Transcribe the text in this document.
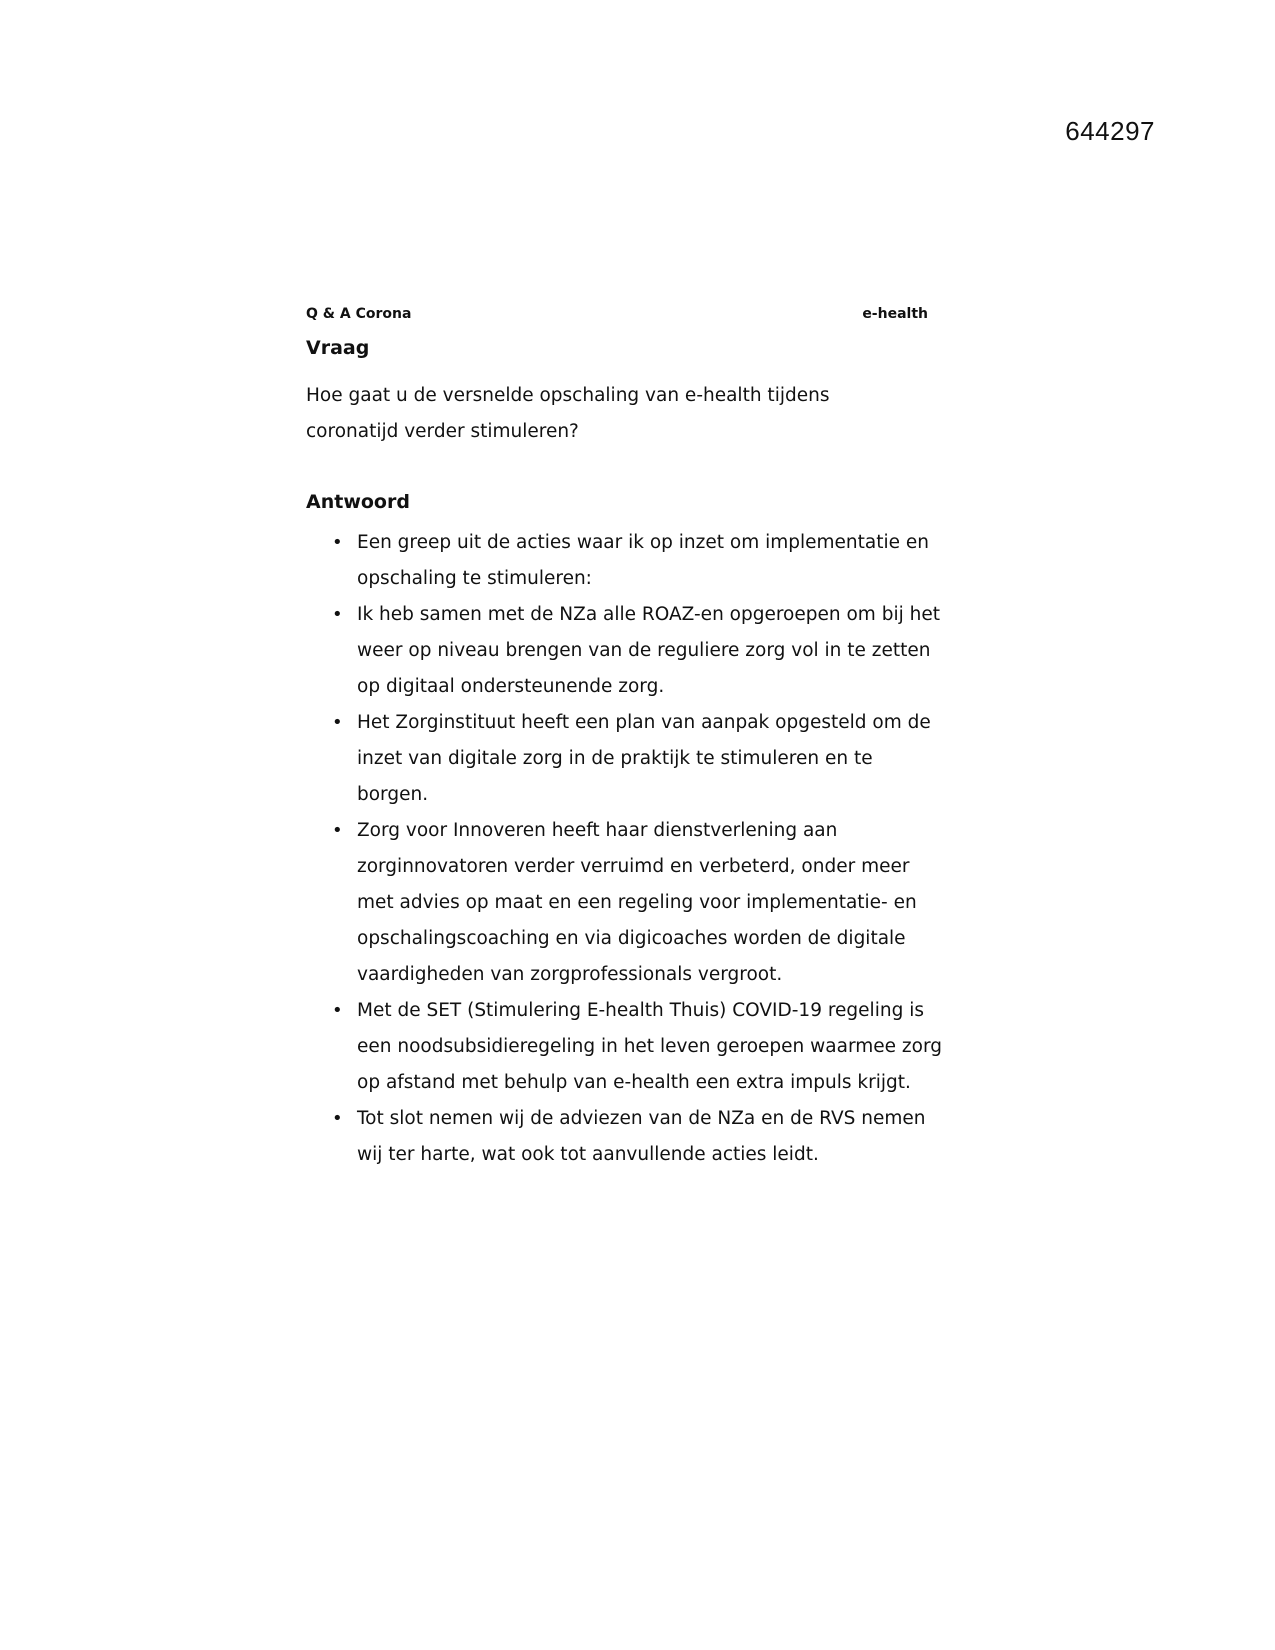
644297
Q & A Corona	e-health
Vraag

Hoe gaat u de versnelde opschaling van e-health tijdens coronatijd verder stimuleren?

Antwoord
• Een greep uit de acties waar ik op inzet om implementatie en opschaling te stimuleren:
• Ik heb samen met de NZa alle ROAZ-en opgeroepen om bij het weer op niveau brengen van de reguliere zorg vol in te zetten op digitaal ondersteunende zorg.
• Het Zorginstituut heeft een plan van aanpak opgesteld om de inzet van digitale zorg in de praktijk te stimuleren en te borgen.
• Zorg voor Innoveren heeft haar dienstverlening aan zorginnovatoren verder verruimd en verbeterd, onder meer met advies op maat en een regeling voor implementatie- en opschalingscoaching en via digicoaches worden de digitale vaardigheden van zorgprofessionals vergroot.
• Met de SET (Stimulering E-health Thuis) COVID-19 regeling is een noodsubsidieregeling in het leven geroepen waarmee zorg op afstand met behulp van e-health een extra impuls krijgt.
• Tot slot nemen wij de adviezen van de NZa en de RVS nemen wij ter harte, wat ook tot aanvullende acties leidt.
